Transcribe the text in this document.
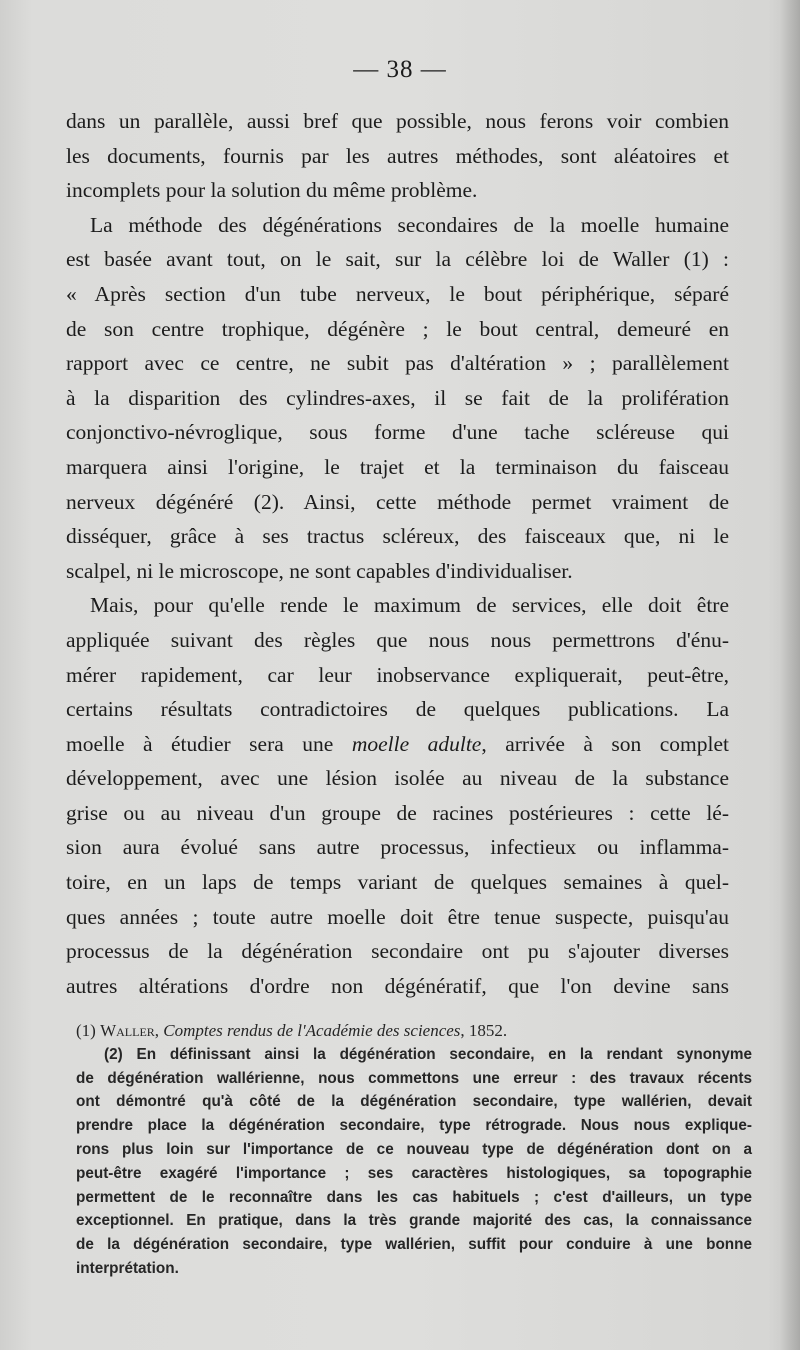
— 38 —
dans un parallèle, aussi bref que possible, nous ferons voir combien
les documents, fournis par les autres méthodes, sont aléatoires et
incomplets pour la solution du même problème.
La méthode des dégénérations secondaires de la moelle humaine
est basée avant tout, on le sait, sur la célèbre loi de Waller (1) :
« Après section d'un tube nerveux, le bout périphérique, séparé
de son centre trophique, dégénère ; le bout central, demeuré en
rapport avec ce centre, ne subit pas d'altération » ; parallèlement
à la disparition des cylindres-axes, il se fait de la prolifération
conjonctivo-névroglique, sous forme d'une tache scléreuse qui
marquera ainsi l'origine, le trajet et la terminaison du faisceau
nerveux dégénéré (2). Ainsi, cette méthode permet vraiment de
disséquer, grâce à ses tractus scléreux, des faisceaux que, ni le
scalpel, ni le microscope, ne sont capables d'individualiser.
Mais, pour qu'elle rende le maximum de services, elle doit être
appliquée suivant des règles que nous nous permettrons d'énu-
mérer rapidement, car leur inobservance expliquerait, peut-être,
certains résultats contradictoires de quelques publications. La
moelle à étudier sera une moelle adulte, arrivée à son complet
développement, avec une lésion isolée au niveau de la substance
grise ou au niveau d'un groupe de racines postérieures : cette lé-
sion aura évolué sans autre processus, infectieux ou inflamma-
toire, en un laps de temps variant de quelques semaines à quel-
ques années ; toute autre moelle doit être tenue suspecte, puisqu'au
processus de la dégénération secondaire ont pu s'ajouter diverses
autres altérations d'ordre non dégénératif, que l'on devine sans
(1) Waller, Comptes rendus de l'Académie des sciences, 1852.
(2) En définissant ainsi la dégénération secondaire, en la rendant synonyme
de dégénération wallérienne, nous commettons une erreur : des travaux récents
ont démontré qu'à côté de la dégénération secondaire, type wallérien, devait
prendre place la dégénération secondaire, type rétrograde. Nous nous explique-
rons plus loin sur l'importance de ce nouveau type de dégénération dont on a
peut-être exagéré l'importance ; ses caractères histologiques, sa topographie
permettent de le reconnaître dans les cas habituels ; c'est d'ailleurs, un type
exceptionnel. En pratique, dans la très grande majorité des cas, la connaissance
de la dégénération secondaire, type wallérien, suffit pour conduire à une bonne
interprétation.
